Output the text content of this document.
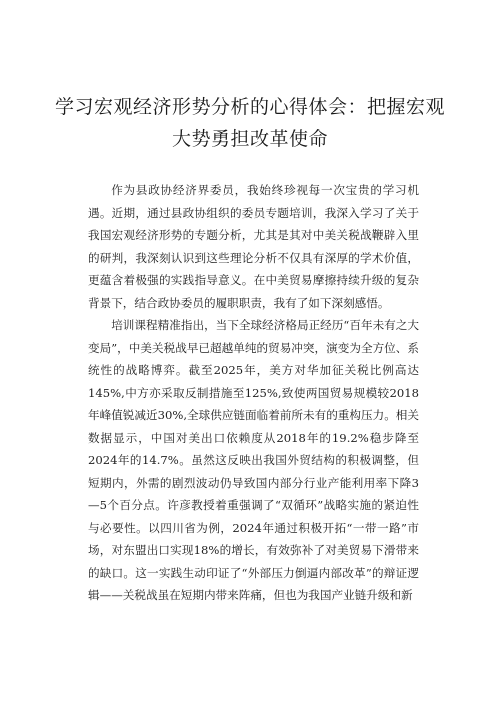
学习宏观经济形势分析的心得体会：把握宏观
大势勇担改革使命

作为县政协经济界委员，我始终珍视每一次宝贵的学习机遇。近期，通过县政协组织的委员专题培训，我深入学习了关于我国宏观经济形势的专题分析，尤其是其对中美关税战鞭辟入里的研判，我深刻认识到这些理论分析不仅具有深厚的学术价值，更蕴含着极强的实践指导意义。在中美贸易摩擦持续升级的复杂背景下，结合政协委员的履职职责，我有了如下深刻感悟。

培训课程精准指出，当下全球经济格局正经历“百年未有之大变局”，中美关税战早已超越单纯的贸易冲突，演变为全方位、系统性的战略博弈。截至2025年，美方对华加征关税比例高达145%,中方亦采取反制措施至125%,致使两国贸易规模较2018年峰值锐减近30%,全球供应链面临着前所未有的重构压力。相关数据显示，中国对美出口依赖度从2018年的19.2%稳步降至2024年的14.7%。虽然这反映出我国外贸结构的积极调整，但短期内，外需的剧烈波动仍导致国内部分行业产能利用率下降3—5个百分点。许彦教授着重强调了“双循环”战略实施的紧迫性与必要性。以四川省为例，2024年通过积极开拓“一带一路”市场，对东盟出口实现18%的增长，有效弥补了对美贸易下滑带来的缺口。这一实践生动印证了“外部压力倒逼内部改革”的辩证逻辑——关税战虽在短期内带来阵痛，但也为我国产业链升级和新
